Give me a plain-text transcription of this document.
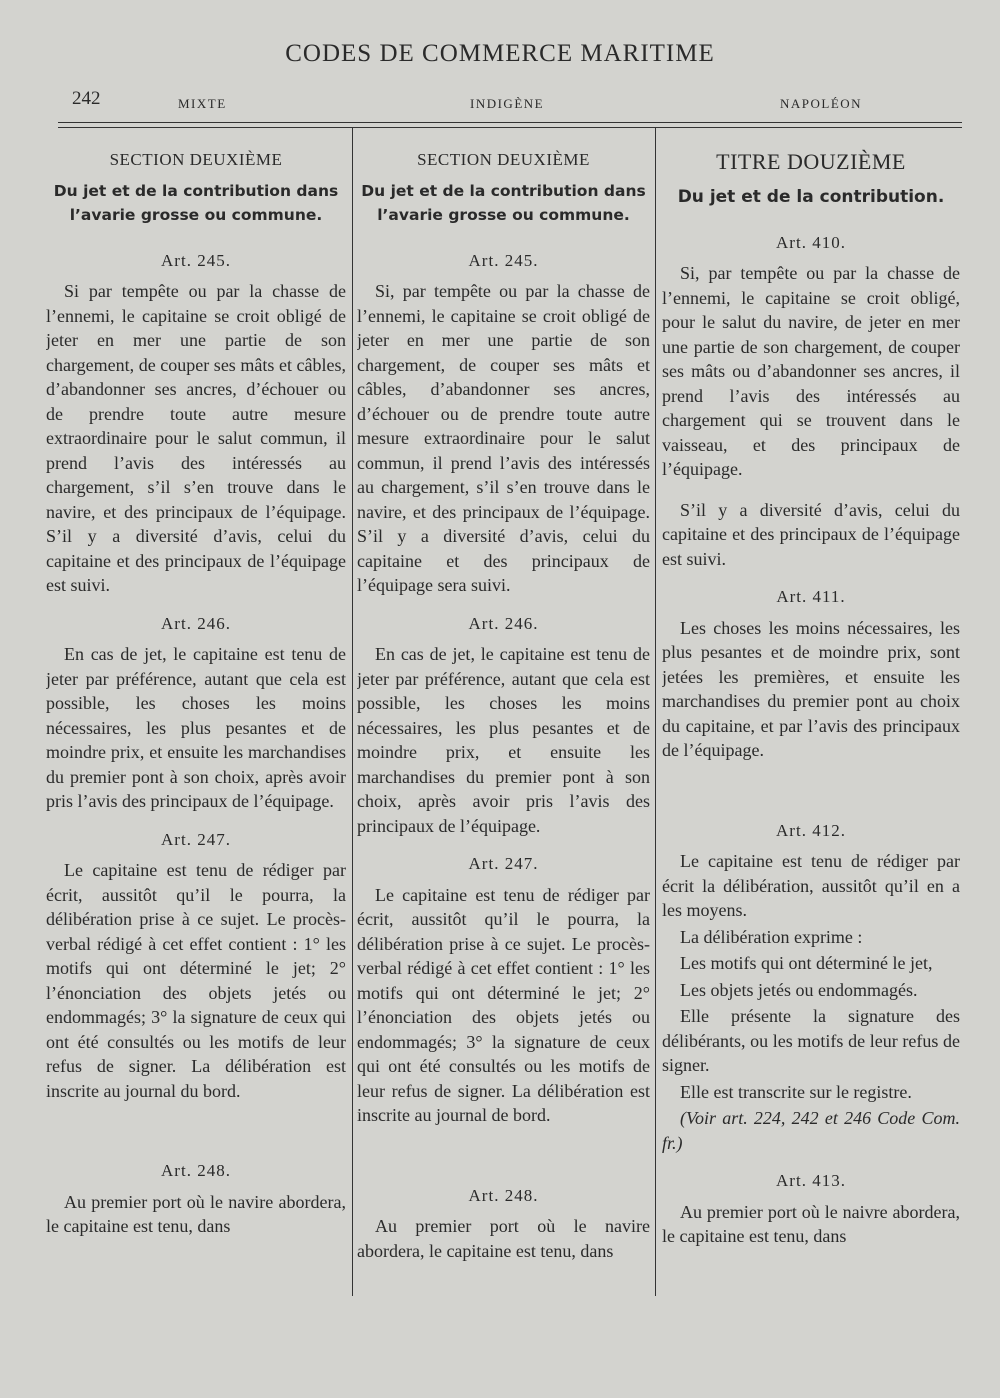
CODES DE COMMERCE MARITIME
242	MIXTE	INDIGÈNE	NAPOLÉON
SECTION DEUXIÈME
Du jet et de la contribution dans l’avarie grosse ou commune.
Art. 245.

Si par tempête ou par la chasse de l’ennemi, le capitaine se croit obligé de jeter en mer une partie de son chargement, de couper ses mâts et câbles, d’abandonner ses ancres, d’échouer ou de prendre toute autre mesure extraordinaire pour le salut commun, il prend l’avis des intéressés au chargement, s’il s’en trouve dans le navire, et des principaux de l’équipage. S’il y a diversité d’avis, celui du capitaine et des principaux de l’équipage est suivi.

Art. 246.

En cas de jet, le capitaine est tenu de jeter par préférence, autant que cela est possible, les choses les moins nécessaires, les plus pesantes et de moindre prix, et ensuite les marchandises du premier pont à son choix, après avoir pris l’avis des principaux de l’équipage.

Art. 247.

Le capitaine est tenu de rédiger par écrit, aussitôt qu’il le pourra, la délibération prise à ce sujet. Le procès-verbal rédigé à cet effet contient : 1° les motifs qui ont déterminé le jet; 2° l’énonciation des objets jetés ou endommagés; 3° la signature de ceux qui ont été consultés ou les motifs de leur refus de signer. La délibération est inscrite au journal du bord.

Art. 248.

Au premier port où le navire abordera, le capitaine est tenu, dans

SECTION DEUXIÈME
Du jet et de la contribution dans l’avarie grosse ou commune.
Art. 245.

Si, par tempête ou par la chasse de l’ennemi, le capitaine se croit obligé de jeter en mer une partie de son chargement, de couper ses mâts et câbles, d’abandonner ses ancres, d’échouer ou de prendre toute autre mesure extraordinaire pour le salut commun, il prend l’avis des intéressés au chargement, s’il s’en trouve dans le navire, et des principaux de l’équipage. S’il y a diversité d’avis, celui du capitaine et des principaux de l’équipage sera suivi.

Art. 246.

En cas de jet, le capitaine est tenu de jeter par préférence, autant que cela est possible, les choses les moins nécessaires, les plus pesantes et de moindre prix, et ensuite les marchandises du premier pont à son choix, après avoir pris l’avis des principaux de l’équipage.

Art. 247.

Le capitaine est tenu de rédiger par écrit, aussitôt qu’il le pourra, la délibération prise à ce sujet. Le procès-verbal rédigé à cet effet contient : 1° les motifs qui ont déterminé le jet; 2° l’énonciation des objets jetés ou endommagés; 3° la signature de ceux qui ont été consultés ou les motifs de leur refus de signer. La délibération est inscrite au journal de bord.

Art. 248.

Au premier port où le navire abordera, le capitaine est tenu, dans

TITRE DOUZIÈME
Du jet et de la contribution.
Art. 410.

Si, par tempête ou par la chasse de l’ennemi, le capitaine se croit obligé, pour le salut du navire, de jeter en mer une partie de son chargement, de couper ses mâts ou d’abandonner ses ancres, il prend l’avis des intéressés au chargement qui se trouvent dans le vaisseau, et des principaux de l’équipage.

S’il y a diversité d’avis, celui du capitaine et des principaux de l’équipage est suivi.

Art. 411.

Les choses les moins nécessaires, les plus pesantes et de moindre prix, sont jetées les premières, et ensuite les marchandises du premier pont au choix du capitaine, et par l’avis des principaux de l’équipage.

Art. 412.

Le capitaine est tenu de rédiger par écrit la délibération, aussitôt qu’il en a les moyens.

La délibération exprime :

Les motifs qui ont déterminé le jet,

Les objets jetés ou endommagés.

Elle présente la signature des délibérants, ou les motifs de leur refus de signer.

Elle est transcrite sur le registre.

(Voir art. 224, 242 et 246 Code Com. fr.)

Art. 413.

Au premier port où le naivre abordera, le capitaine est tenu, dans
